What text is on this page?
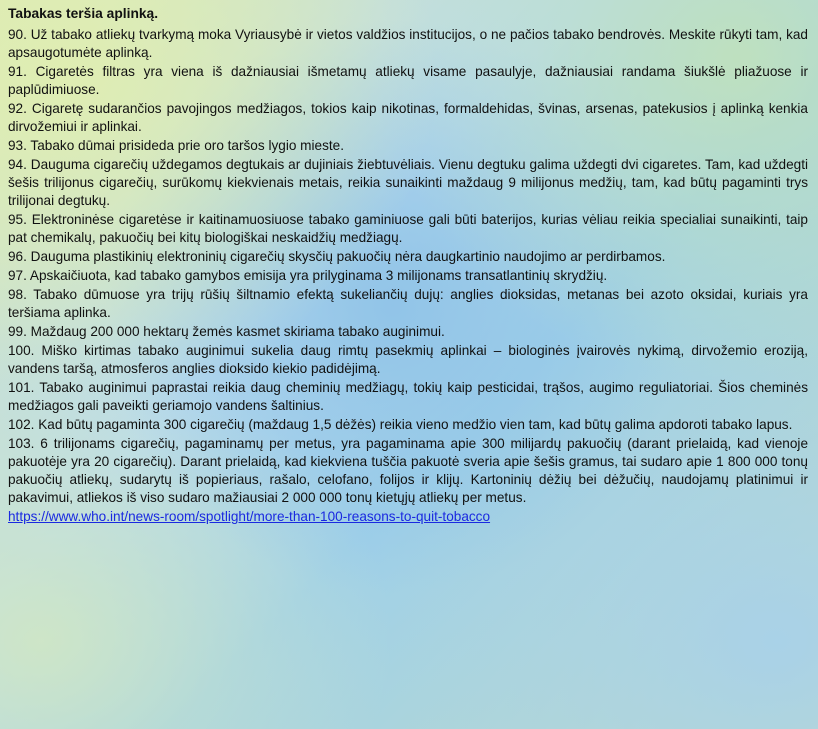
Tabakas teršia aplinką.
90. Už tabako atliekų tvarkymą moka Vyriausybė ir vietos valdžios institucijos, o ne pačios tabako bendrovės. Meskite rūkyti tam, kad apsaugotumėte aplinką.
91. Cigaretės filtras yra viena iš dažniausiai išmetamų atliekų visame pasaulyje, dažniausiai randama šiukšlė pliažuose ir paplūdimiuose.
92. Cigaretę sudarančios pavojingos medžiagos, tokios kaip nikotinas, formaldehidas, švinas, arsenas, patekusios į aplinką kenkia dirvožemiui ir aplinkai.
93. Tabako dūmai prisideda prie oro taršos lygio mieste.
94. Dauguma cigarečių uždegamos degtukais ar dujiniais žiebtuvėliais. Vienu degtuku galima uždegti dvi cigaretes. Tam, kad uždegti šešis trilijonus cigarečių, surūkomų kiekvienais metais, reikia sunaikinti maždaug 9 milijonus medžių, tam, kad būtų pagaminti trys trilijonai degtukų.
95. Elektroninėse cigaretėse ir kaitinamuosiuose tabako gaminiuose gali būti baterijos, kurias vėliau reikia specialiai sunaikinti, taip pat chemikalų, pakuočių bei kitų biologiškai neskaidžių medžiagų.
96. Dauguma plastikinių elektroninių cigarečių skysčių pakuočių nėra daugkartinio naudojimo ar perdirbamos.
97. Apskaičiuota, kad tabako gamybos emisija yra prilyginama 3 milijonams transatlantinių skrydžių.
98. Tabako dūmuose yra trijų rūšių šiltnamio efektą sukeliančių dujų: anglies dioksidas, metanas bei azoto oksidai, kuriais yra teršiama aplinka.
99. Maždaug 200 000 hektarų žemės kasmet skiriama tabako auginimui.
100. Miško kirtimas tabako auginimui sukelia daug rimtų pasekmių aplinkai – biologinės įvairovės nykimą, dirvožemio eroziją, vandens taršą, atmosferos anglies dioksido kiekio padidėjimą.
101. Tabako auginimui paprastai reikia daug cheminių medžiagų, tokių kaip pesticidai, trąšos, augimo reguliatoriai. Šios cheminės medžiagos gali paveikti geriamojo vandens šaltinius.
102. Kad būtų pagaminta 300 cigarečių (maždaug 1,5 dėžės) reikia vieno medžio vien tam, kad būtų galima apdoroti tabako lapus.
103. 6 trilijonams cigarečių, pagaminamų per metus, yra pagaminama apie 300 milijardų pakuočių (darant prielaidą, kad vienoje pakuotėje yra 20 cigarečių). Darant prielaidą, kad kiekviena tuščia pakuotė sveria apie šešis gramus, tai sudaro apie 1 800 000 tonų pakuočių atliekų, sudarytų iš popieriaus, rašalo, celofano, folijos ir klijų. Kartoninių dėžių bei dėžučių, naudojamų platinimui ir pakavimui, atliekos iš viso sudaro mažiausiai 2 000 000 tonų kietųjų atliekų per metus.
https://www.who.int/news-room/spotlight/more-than-100-reasons-to-quit-tobacco
